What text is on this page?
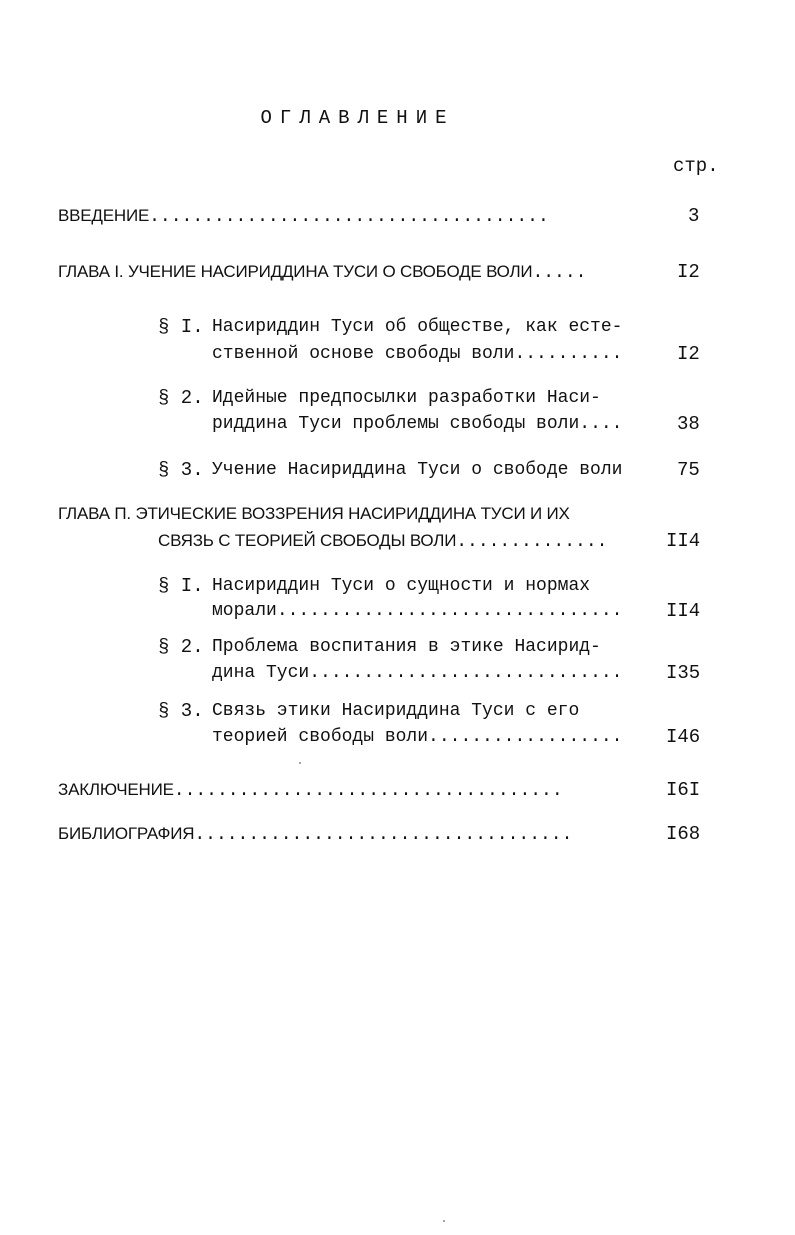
ОГЛАВЛЕНИЕ
стр.
ВВЕДЕНИЕ.....................................	3
ГЛАВА I. УЧЕНИЕ НАСИРИДДИНА ТУСИ О СВОБОДЕ ВОЛИ.....	I2
§ I. Насириддин Туси об обществе, как есте-
ственной основе свободы воли..........	I2
§ 2. Идейные предпосылки разработки Наси-
риддина Туси проблемы свободы воли....	38
§ 3. Учение Насириддина Туси о свободе воли	75
ГЛАВА П. ЭТИЧЕСКИЕ ВОЗЗРЕНИЯ НАСИРИДДИНА ТУСИ И ИХ
СВЯЗЬ С ТЕОРИЕЙ СВОБОДЫ ВОЛИ..............	II4
§ I. Насириддин Туси о сущности и нормах
морали................................ II4
§ 2. Проблема воспитания в этике Насирид-
дина Туси............................. I35
§ 3. Связь этики Насириддина Туси с его
теорией свободы воли.................. I46
ЗАКЛЮЧЕНИЕ....................................	I6I
БИБЛИОГРАФИЯ...................................	I68
